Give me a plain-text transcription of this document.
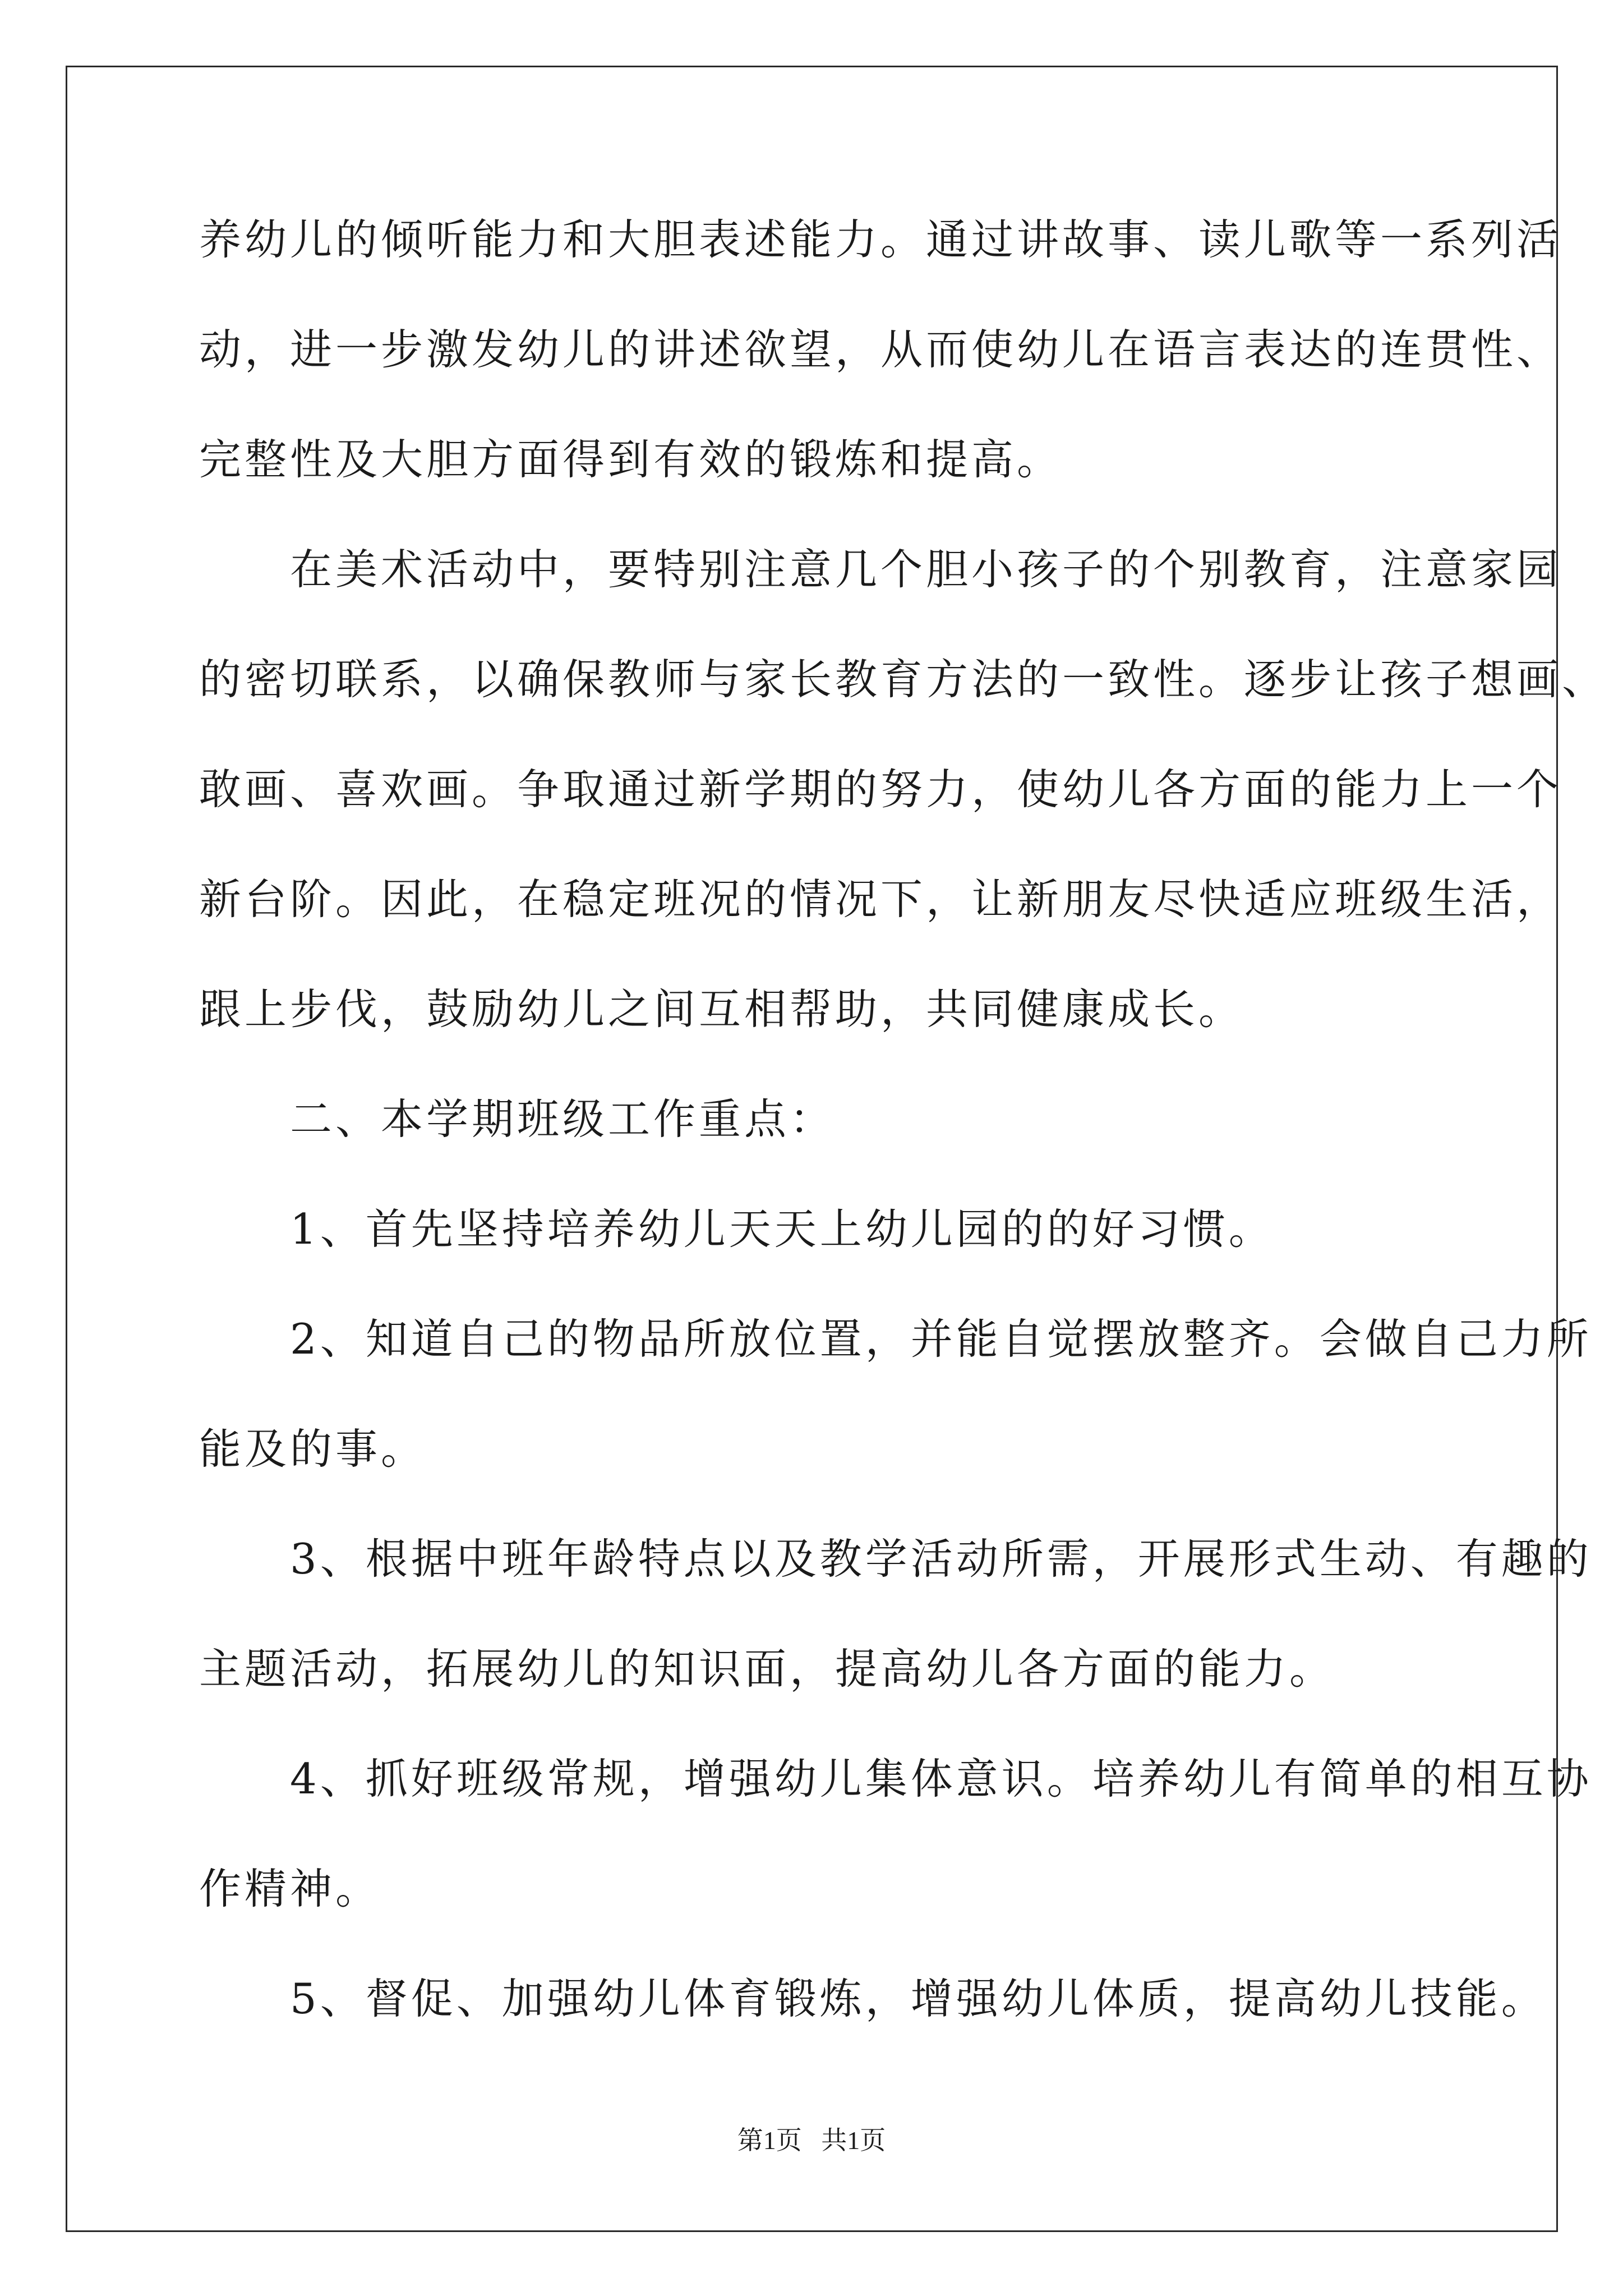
养幼儿的倾听能力和大胆表述能力。通过讲故事、读儿歌等一系列活
动，进一步激发幼儿的讲述欲望，从而使幼儿在语言表达的连贯性、
完整性及大胆方面得到有效的锻炼和提高。
　　在美术活动中，要特别注意几个胆小孩子的个别教育，注意家园
的密切联系，以确保教师与家长教育方法的一致性。逐步让孩子想画、
敢画、喜欢画。争取通过新学期的努力，使幼儿各方面的能力上一个
新台阶。因此，在稳定班况的情况下，让新朋友尽快适应班级生活，
跟上步伐，鼓励幼儿之间互相帮助，共同健康成长。
　　二、本学期班级工作重点：
　　1、首先坚持培养幼儿天天上幼儿园的的好习惯。
　　2、知道自己的物品所放位置，并能自觉摆放整齐。会做自己力所
能及的事。
　　3、根据中班年龄特点以及教学活动所需，开展形式生动、有趣的
主题活动，拓展幼儿的知识面，提高幼儿各方面的能力。
　　4、抓好班级常规，增强幼儿集体意识。培养幼儿有简单的相互协
作精神。
　　5、督促、加强幼儿体育锻炼，增强幼儿体质，提高幼儿技能。
第1页   共1页
